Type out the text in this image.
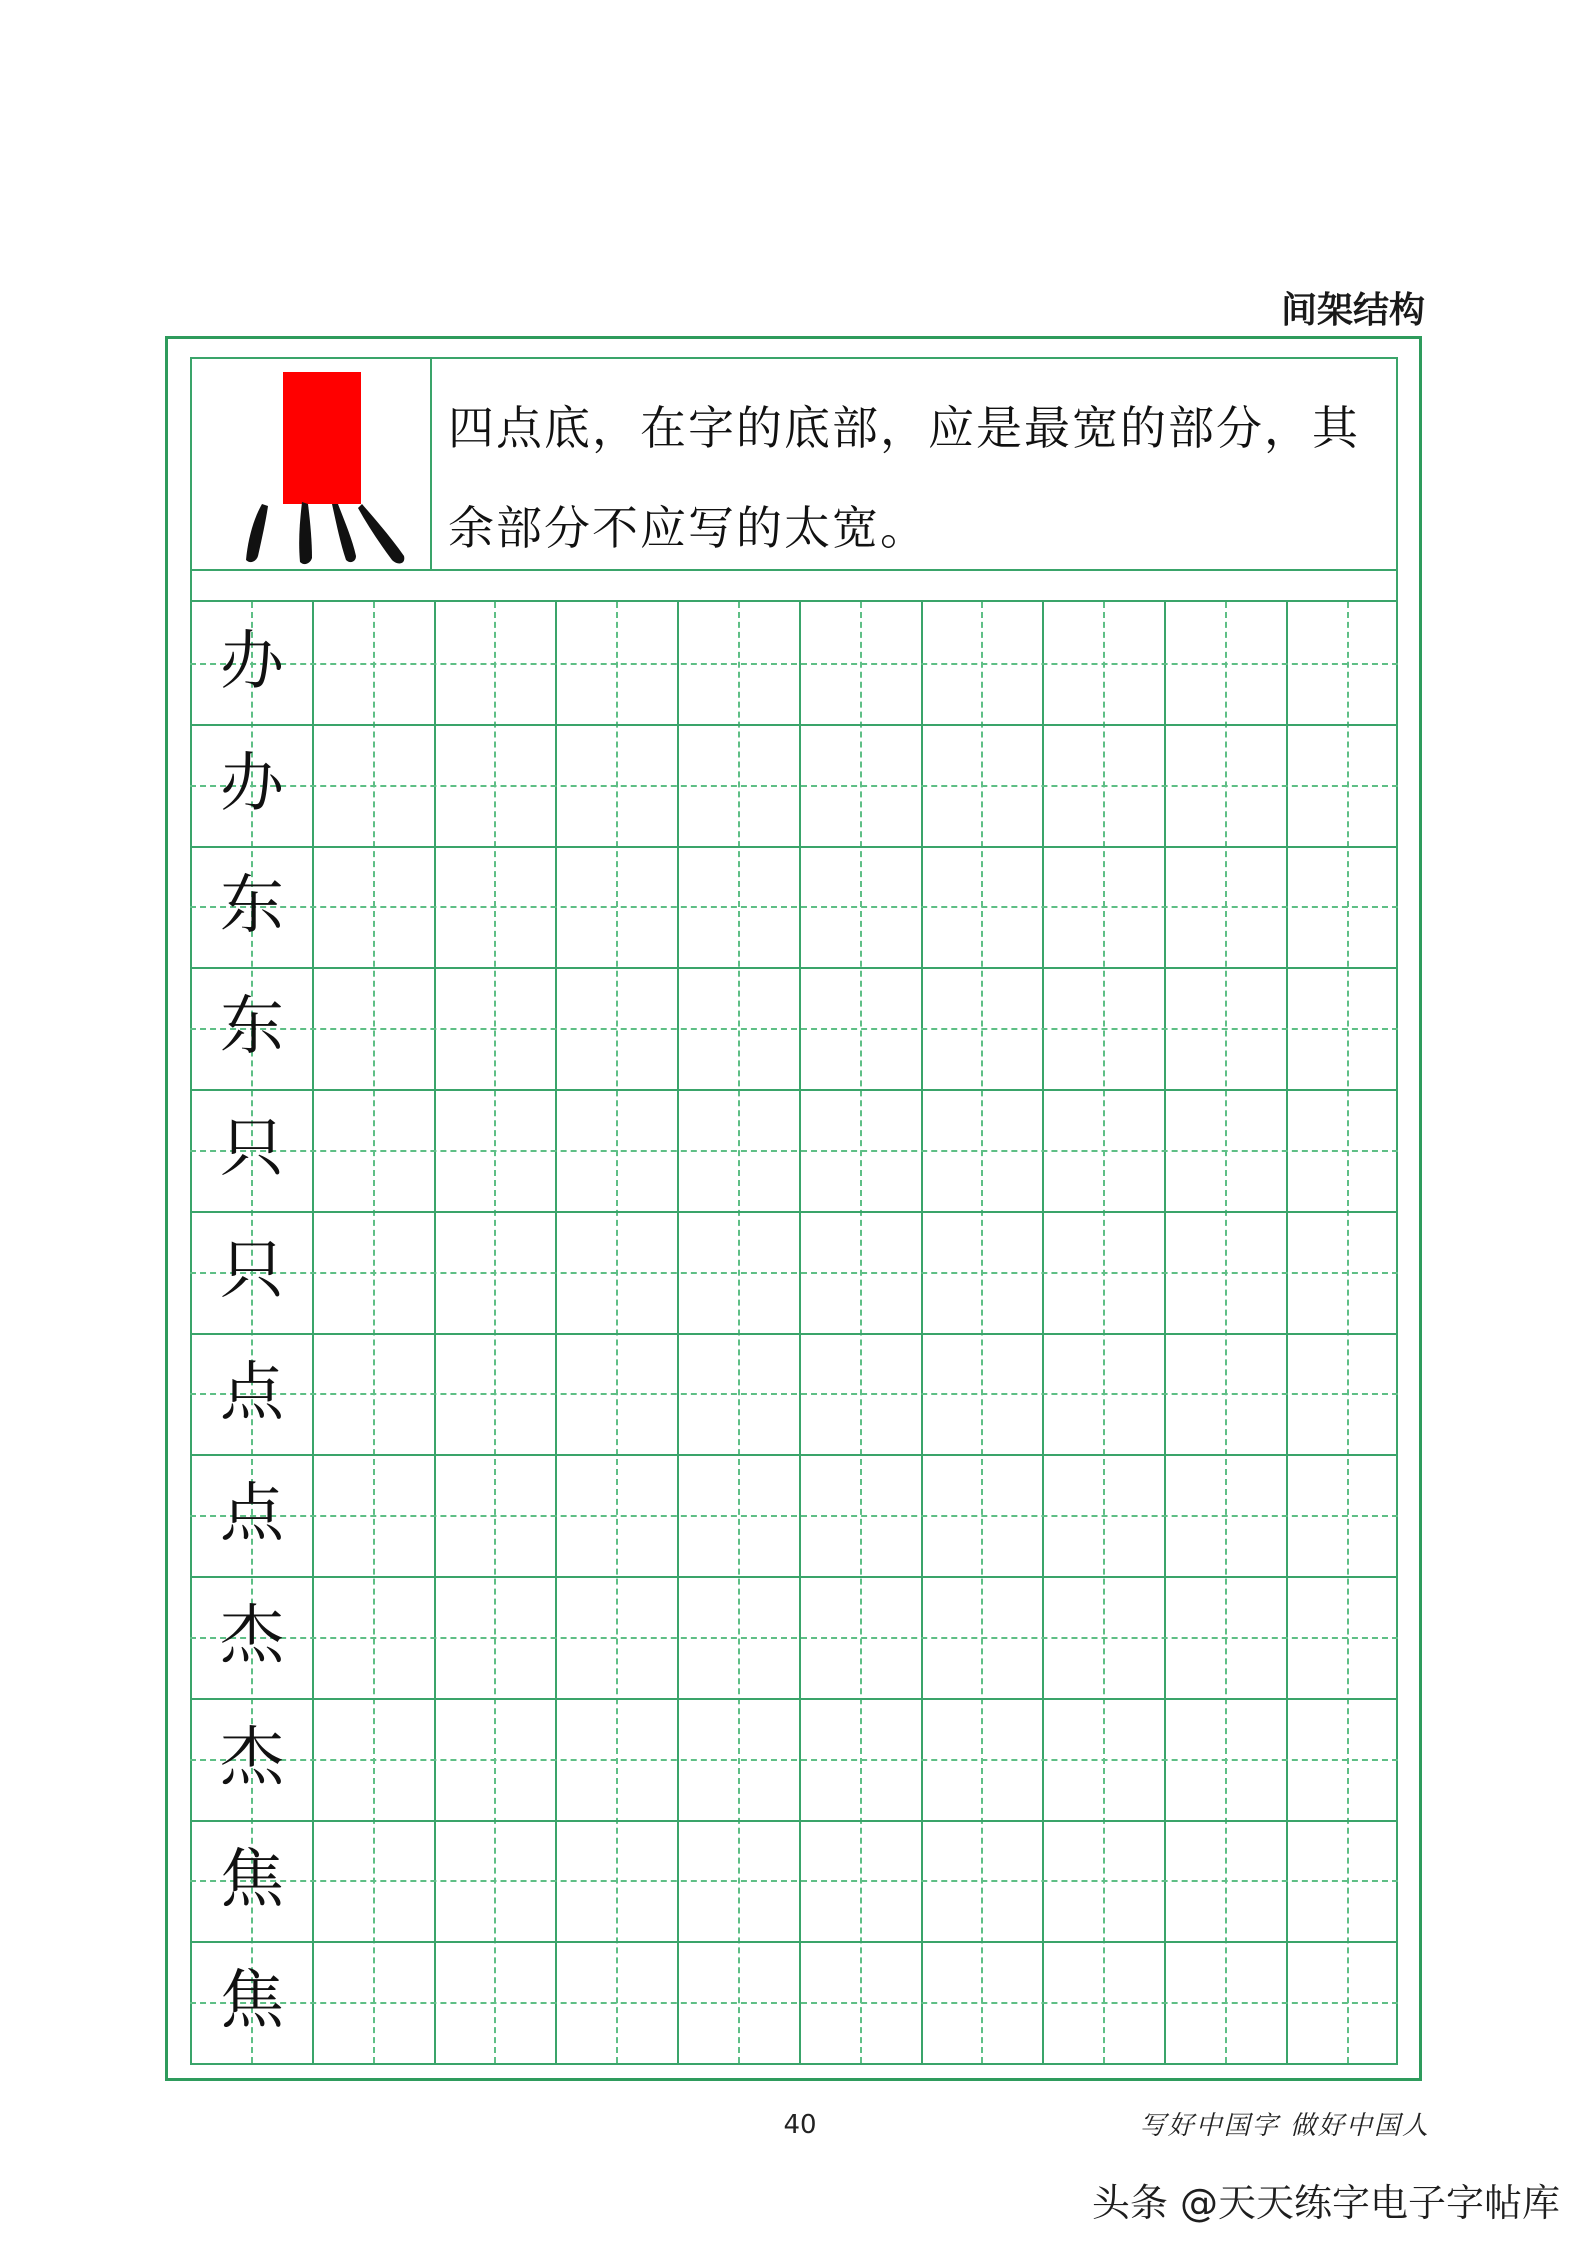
间架结构
四点底，在字的底部，应是最宽的部分，其余部分不应写的太宽。
办
办
东
东
只
只
点
点
杰
杰
焦
焦
40	写好中国字 做好中国人
头条 @天天练字电子字帖库
